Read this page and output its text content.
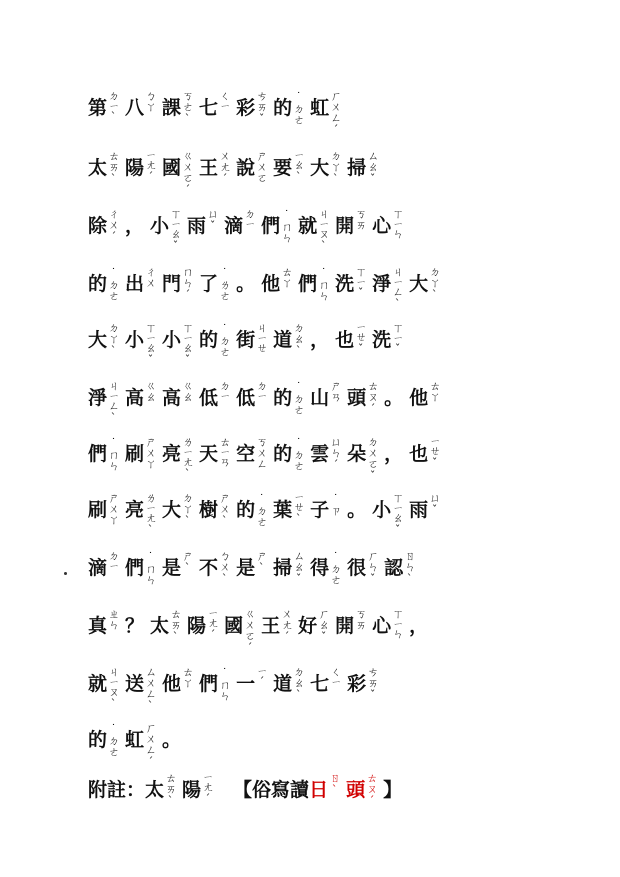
第ㄉㄧˋ 八ㄅㄚ 課ㄎㄜˋ 七ㄑㄧ 彩ㄘㄞˇ 的˙ㄉㄜ 虹ㄏㄨㄥˊ
太ㄊㄞˋ 陽ㄧㄤˊ 國ㄍㄨㄛˊ 王ㄨㄤˊ 說ㄕㄨㄛ 要ㄧㄠˋ 大ㄉㄚˋ 掃ㄙㄠˇ
除ㄔㄨˊ ， 小ㄒㄧㄠˇ 雨ㄩˇ 滴ㄉㄧ 們˙ㄇㄣ 就ㄐㄧㄡˋ 開ㄎㄞ 心ㄒㄧㄣ
的˙ㄉㄜ 出ㄔㄨ 門ㄇㄣˊ 了˙ㄌㄜ 。 他ㄊㄚ 們˙ㄇㄣ 洗ㄒㄧˇ 淨ㄐㄧㄥˋ 大ㄉㄚˋ
大ㄉㄚˋ 小ㄒㄧㄠˇ 小ㄒㄧㄠˇ 的˙ㄉㄜ 街ㄐㄧㄝ 道ㄉㄠˋ ， 也ㄧㄝˇ 洗ㄒㄧˇ
淨ㄐㄧㄥˋ 高ㄍㄠ 高ㄍㄠ 低ㄉㄧ 低ㄉㄧ 的˙ㄉㄜ 山ㄕㄢ 頭ㄊㄡˊ 。 他ㄊㄚ
們˙ㄇㄣ 刷ㄕㄨㄚ 亮ㄌㄧㄤˋ 天ㄊㄧㄢ 空ㄎㄨㄥ 的˙ㄉㄜ 雲ㄩㄣˊ 朵ㄉㄨㄛˇ ， 也ㄧㄝˇ
刷ㄕㄨㄚ 亮ㄌㄧㄤˋ 大ㄉㄚˋ 樹ㄕㄨˋ 的˙ㄉㄜ 葉ㄧㄝˋ 子˙ㄗ 。 小ㄒㄧㄠˇ 雨ㄩˇ
滴ㄉㄧ 們˙ㄇㄣ 是ㄕˋ 不ㄅㄨˋ 是ㄕˋ 掃ㄙㄠˇ 得˙ㄉㄜ 很ㄏㄣˇ 認ㄖㄣˋ
真ㄓㄣ ？ 太ㄊㄞˋ 陽ㄧㄤˊ 國ㄍㄨㄛˊ 王ㄨㄤˊ 好ㄏㄠˇ 開ㄎㄞ 心ㄒㄧㄣ ，
就ㄐㄧㄡˋ 送ㄙㄨㄥˋ 他ㄊㄚ 們˙ㄇㄣ 一ㄧˊ 道ㄉㄠˋ 七ㄑㄧ 彩ㄘㄞˇ
的˙ㄉㄜ 虹ㄏㄨㄥˊ 。
附註：太ㄊㄞˋ 陽ㄧㄤˊ 【俗寫讀日ㄖˋ 頭ㄊㄡˊ 】
